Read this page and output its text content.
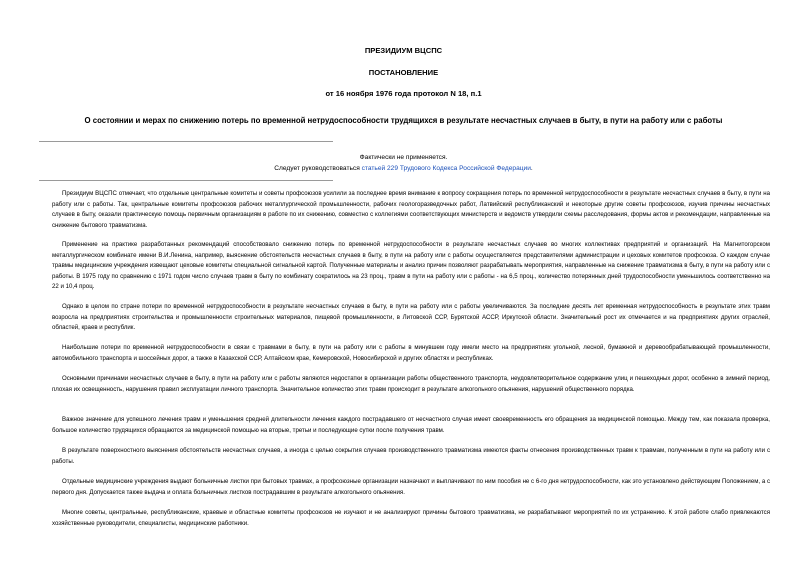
ПРЕЗИДИУМ ВЦСПС
ПОСТАНОВЛЕНИЕ
от 16 ноября 1976 года протокол N 18, п.1
О состоянии и мерах по снижению потерь по временной нетрудоспособности трудящихся в результате несчастных случаев в быту, в пути на работу или с работы
Фактически не применяется.
Следует руководствоваться статьей 229 Трудового Кодекса Российской Федерации.

Президиум ВЦСПС отмечает, что отдельные центральные комитеты и советы профсоюзов усилили за последнее время внимание к вопросу сокращения потерь по временной нетрудоспособности в результате несчастных случаев в быту, в пути на работу или с работы. Так, центральные комитеты профсоюзов рабочих металлургической промышленности, рабочих геологоразведочных работ, Латвийский республиканский и некоторые другие советы профсоюзов, изучив причины несчастных случаев в быту, оказали практическую помощь первичным организациям в работе по их снижению, совместно с коллегиями соответствующих министерств и ведомств утвердили схемы расследования, формы актов и рекомендации, направленные на снижение бытового травматизма.

Применение на практике разработанных рекомендаций способствовало снижению потерь по временной нетрудоспособности в результате несчастных случаев во многих коллективах предприятий и организаций. На Магнитогорском металлургическом комбинате имени В.И.Ленина, например, выяснение обстоятельств несчастных случаев в быту, в пути на работу или с работы осуществляется представителями администрации и цеховых комитетов профсоюза. О каждом случае травмы медицинские учреждения извещают цеховые комитеты специальной сигнальной картой. Полученные материалы и анализ причин позволяют разрабатывать мероприятия, направленные на снижение травматизма в быту, в пути на работу или с работы. В 1975 году по сравнению с 1971 годом число случаев травм в быту по комбинату сократилось на 23 проц., травм в пути на работу или с работы - на 6,5 проц., количество потерянных дней трудоспособности уменьшилось соответственно на 22 и 10,4 проц.

Однако в целом по стране потери по временной нетрудоспособности в результате несчастных случаев в быту, в пути на работу или с работы увеличиваются. За последние десять лет временная нетрудоспособность в результате этих травм возросла на предприятиях строительства и промышленности строительных материалов, пищевой промышленности, в Литовской ССР, Бурятской АССР, Иркутской области. Значительный рост их отмечается и на предприятиях других отраслей, областей, краев и республик.

Наибольшие потери по временной нетрудоспособности в связи с травмами в быту, в пути на работу или с работы в минувшем году имели место на предприятиях угольной, лесной, бумажной и деревообрабатывающей промышленности, автомобильного транспорта и шоссейных дорог, а также в Казахской ССР, Алтайском крае, Кемеровской, Новосибирской и других областях и республиках.

Основными причинами несчастных случаев в быту, в пути на работу или с работы являются недостатки в организации работы общественного транспорта, неудовлетворительное содержание улиц и пешеходных дорог, особенно в зимний период, плохая их освещенность, нарушения правил эксплуатации личного транспорта. Значительное количество этих травм происходит в результате алкогольного опьянения, нарушений общественного порядка.

Важное значение для успешного лечения травм и уменьшения средней длительности лечения каждого пострадавшего от несчастного случая имеет своевременность его обращения за медицинской помощью. Между тем, как показала проверка, большое количество трудящихся обращаются за медицинской помощью на вторые, третьи и последующие сутки после получения травм.

В результате поверхностного выяснения обстоятельств несчастных случаев, а иногда с целью сокрытия случаев производственного травматизма имеются факты отнесения производственных травм к травмам, полученным в пути на работу или с работы.

Отдельные медицинские учреждения выдают больничные листки при бытовых травмах, а профсоюзные организации назначают и выплачивают по ним пособия не с 6-го дня нетрудоспособности, как это установлено действующим Положением, а с первого дня. Допускается также выдача и оплата больничных листков пострадавшим в результате алкогольного опьянения.

Многие советы, центральные, республиканские, краевые и областные комитеты профсоюзов не изучают и не анализируют причины бытового травматизма, не разрабатывают мероприятий по их устранению. К этой работе слабо привлекаются хозяйственные руководители, специалисты, медицинские работники.
